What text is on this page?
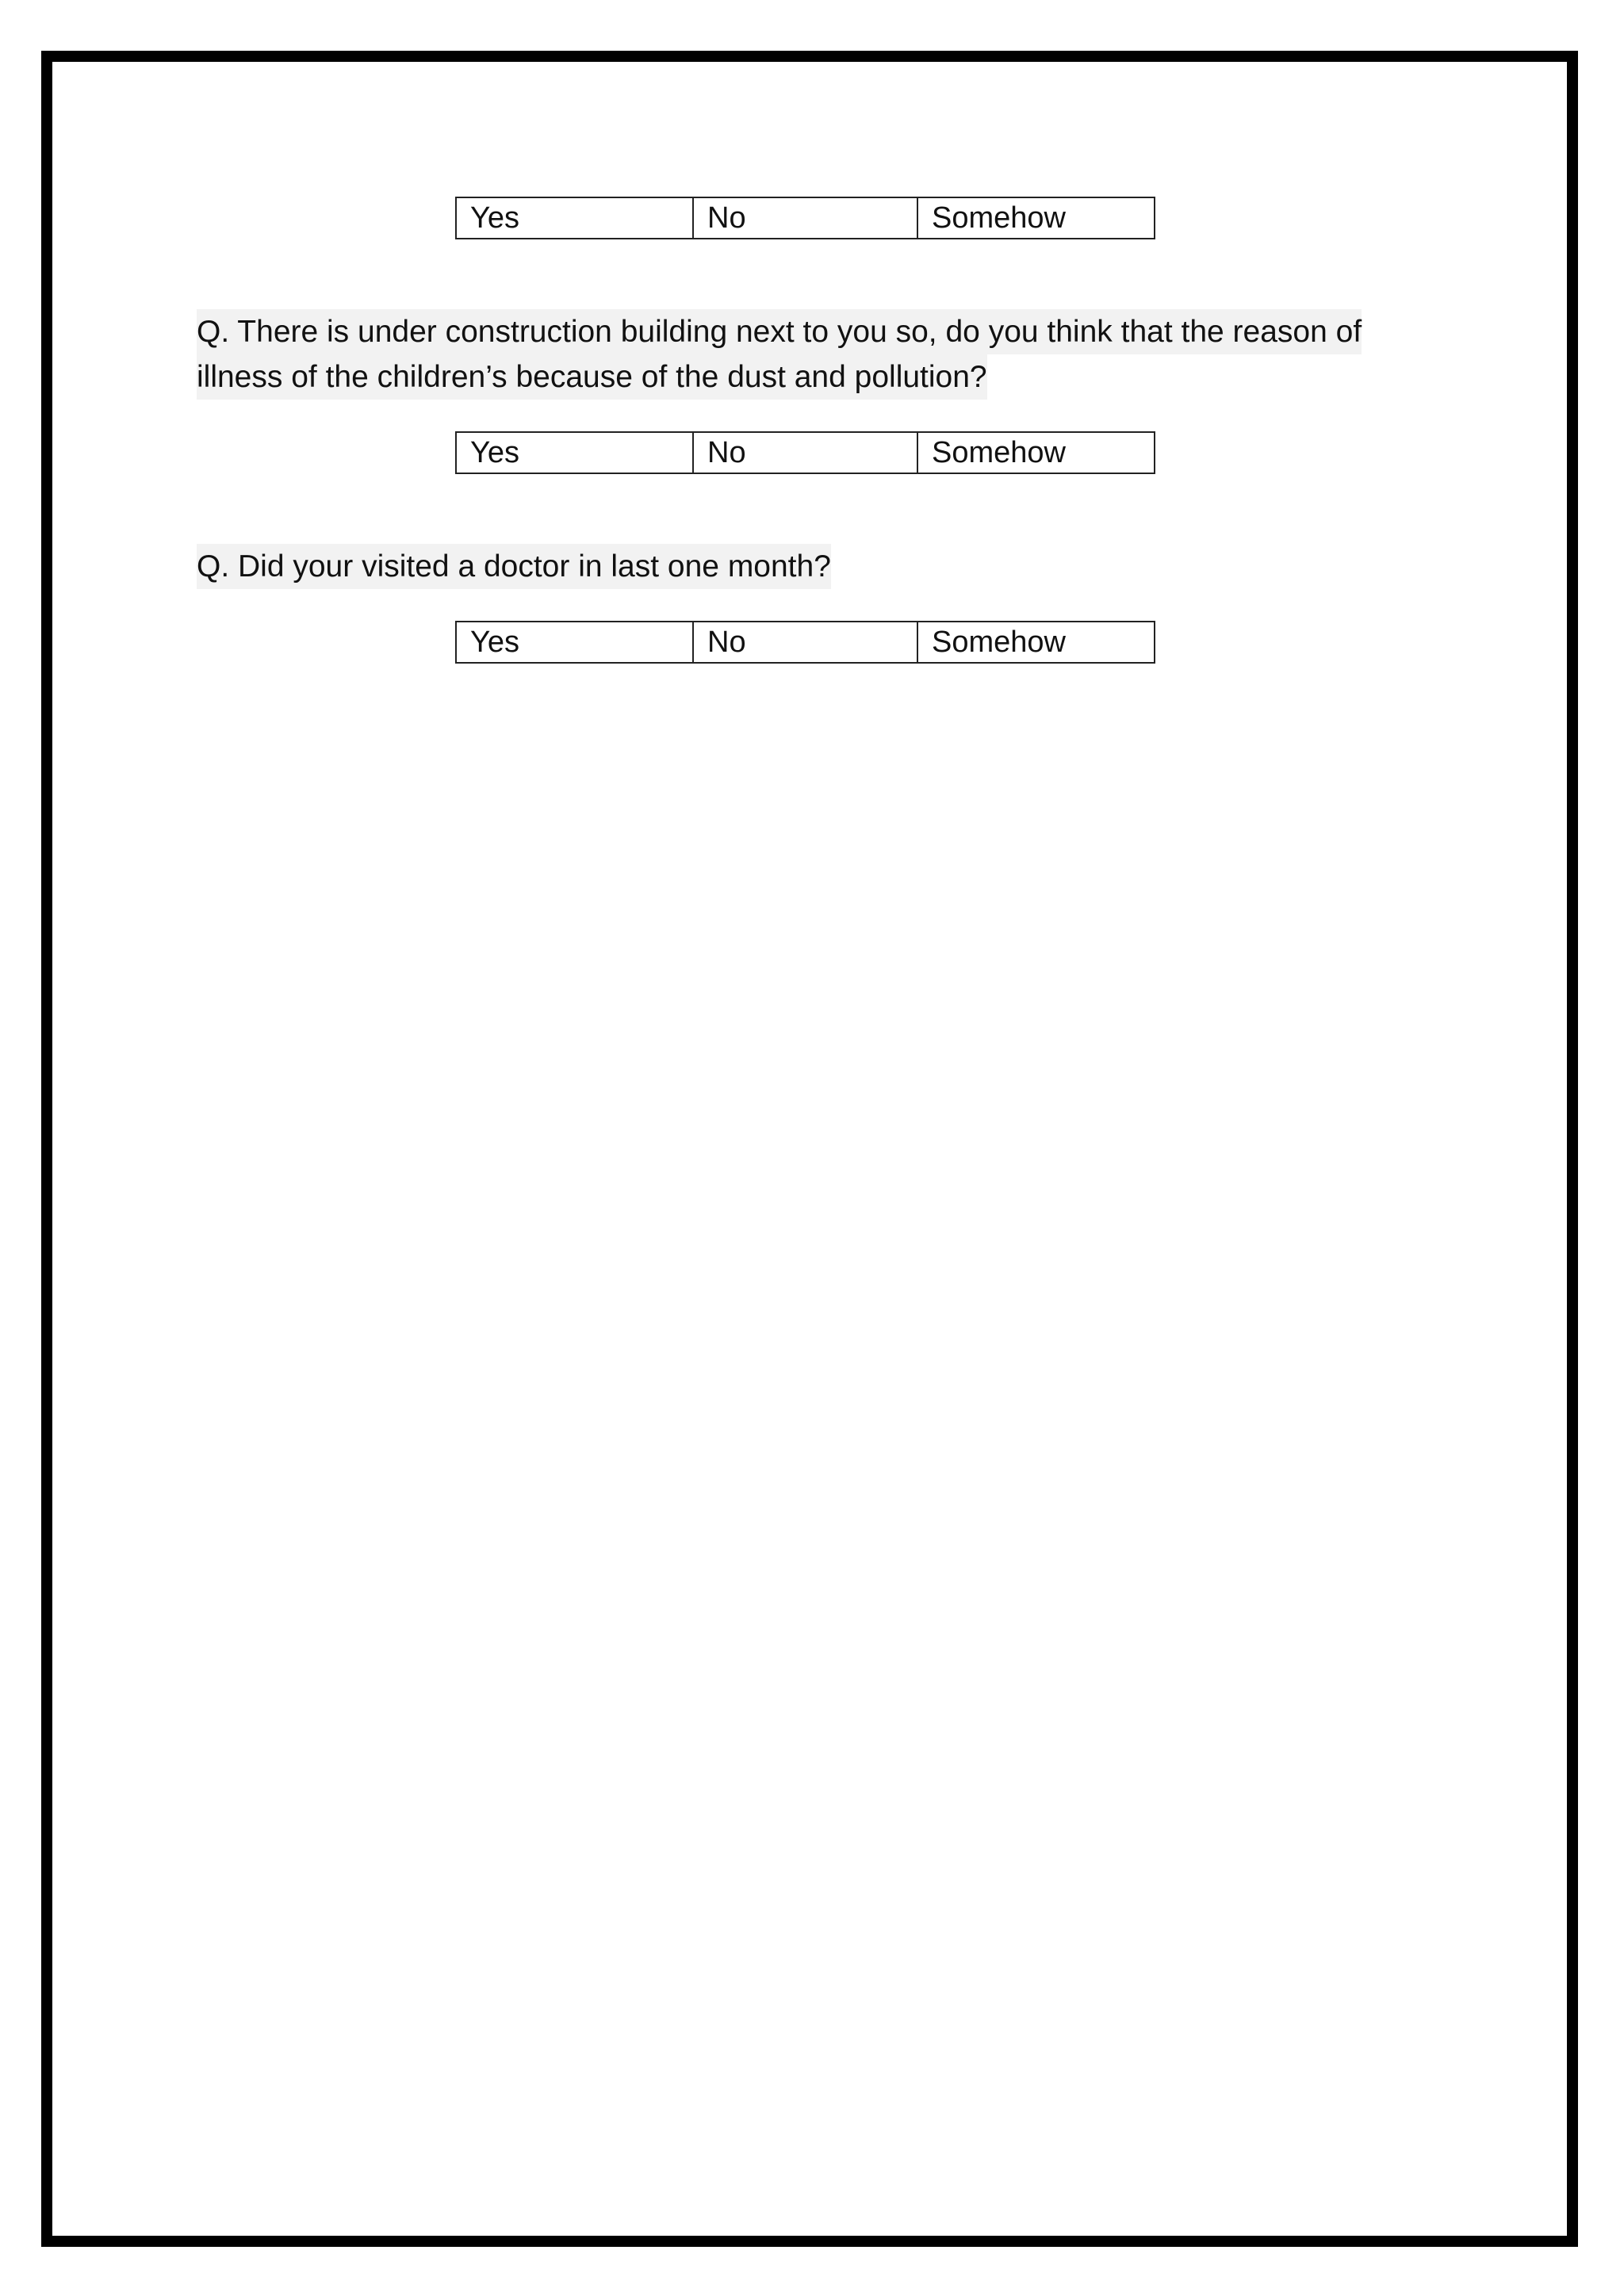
Yes	No	Somehow
Q. There is under construction building next to you so, do you think that the reason of
illness of the children’s because of the dust and pollution?
Yes	No	Somehow
Q. Did your visited a doctor in last one month?
Yes	No	Somehow
